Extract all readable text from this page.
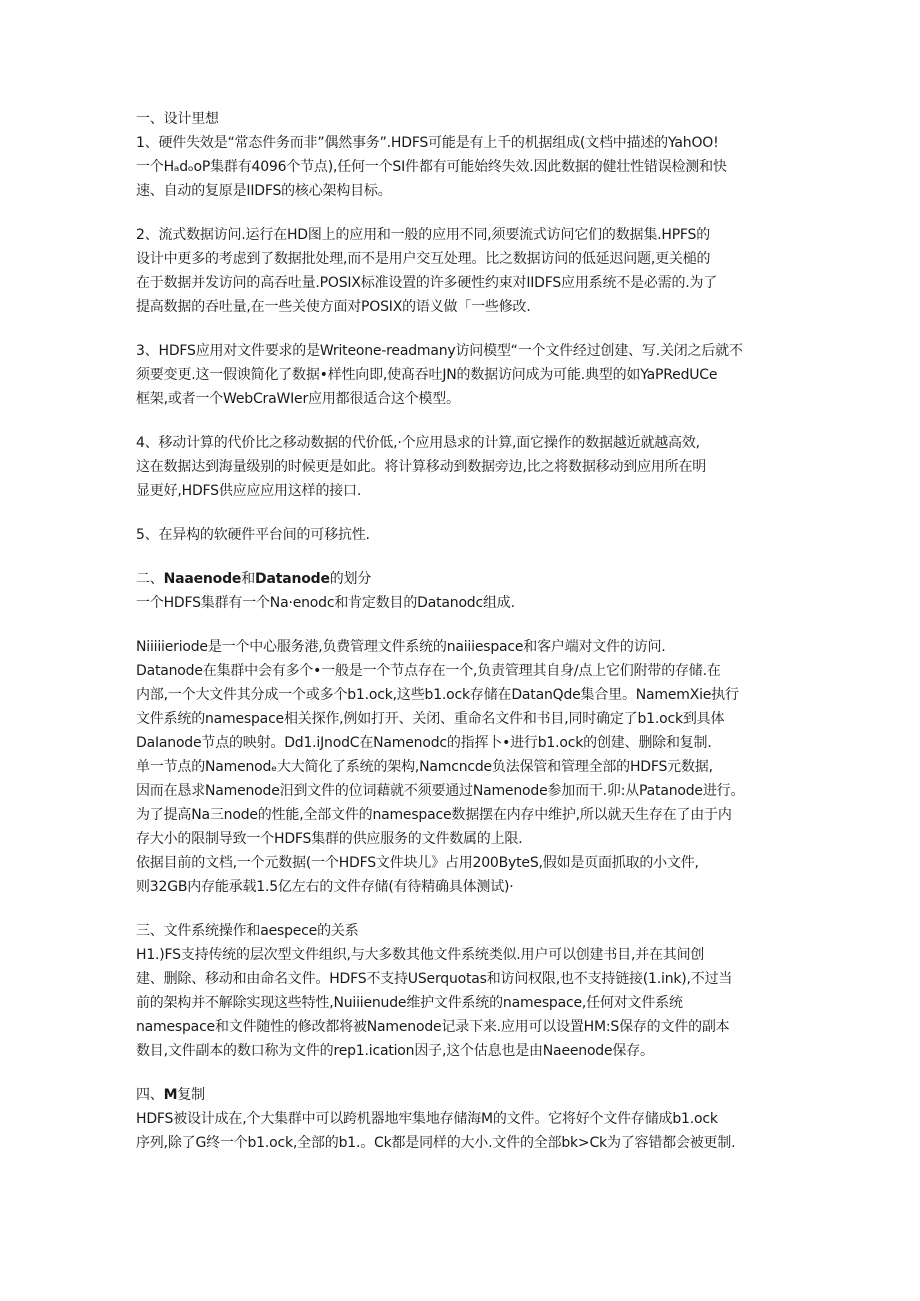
一、设计里想
1、硬件失效是“常态件务而非”偶然事务”.HDFS可能是有上千的机据组成(文档中描述的YahOO!
一个HₐdₒoP集群有4096个节点),任何一个SI件都有可能始终失效.因此数据的健壮性错误检测和快
速、自动的复原是IIDFS的核心架构目标。
2、流式数据访问.运行在HD图上的应用和一般的应用不同,须要流式访问它们的数据集.HPFS的
设计中更多的考虑到了数据批处理,而不是用户交互处理。比之数据访问的低延迟问题,更关槌的
在于数据并发访问的高吞吐量.POSIX标准设置的许多硬性约束对IIDFS应用系统不是必需的.为了
提高数据的吞吐量,在一些关使方面对POSIX的语义做「一些修改.
3、HDFS应用对文件要求的是Writeone-readmany访问模型“一个文件经过创建、写.关闭之后就不
须要变更.这一假谀简化了数据•样性向即,使髙吞吐JN的数据访问成为可能.典型的如YaPRedUCe
框架,或者一个WebCraWIer应用都很适合这个模型。
4、移动计算的代价比之移动数据的代价低,·个应用恳求的计算,面它操作的数据越近就越高效,
这在数据达到海量级别的时候更是如此。将计算移动到数据旁边,比之将数据移动到应用所在明
显更好,HDFS供应应应用这样的接口.
5、在异构的软硬件平台间的可移抗性.
二、Naaenode和Datanode的划分
一个HDFS集群有一个Na·enodc和肯定数目的Datanodc组成.
Niiiiieriode是一个中心服务港,负费管理文件系统的naiiiespace和客户端对文件的访问.
Datanode在集群中会有多个•一般是一个节点存在一个,负责管理其自身/点上它们附带的存储.在
内部,一个大文件其分成一个或多个b1.ock,这些b1.ock存储在DatanQde集合里。NamemXie执行
文件系统的namespace相关探作,例如打开、关闭、重命名文件和书目,同时确定了b1.ock到具体
DaIanode节点的映射。Dd1.iJnodC在Namenodc的指挥卜•进行b1.ock的创建、删除和复制.
单一节点的Namenodₑ大大简化了系统的架构,Namcncde负法保管和管理全部的HDFS元数据,
因而在恳求Namenode汨到文件的位词藉就不须要通过Namenode参加而干.卯:从Patanode进行。
为了提高Na三node的性能,全部文件的namespace数据摆在内存中维护,所以就天生存在了由于内
存大小的限制导致一个HDFS集群的供应服务的文件数属的上限.
依据目前的文档,一个元数据(一个HDFS文件块儿》占用200ByteS,假如是页面抓取的小文件,
则32GB内存能承载1.5亿左右的文件存储(有待精确具体测试)·
三、文件系统操作和aespece的关系
H1.)FS支持传统的层次型文件组织,与大多数其他文件系统类似.用户可以创建书目,并在其间创
建、删除、移动和由命名文件。HDFS不支持USerquotas和访问权限,也不支持链接(1.ink),不过当
前的架构并不解除实现这些特性,Nuiiienude维护文件系统的namespace,任何对文件系统
namespace和文件随性的修改都将被Namenode记录下来.应用可以设置HM:S保存的文件的副本
数目,文件副本的数口称为文件的rep1.ication因子,这个估息也是由Naeenode保存。
四、M复制
HDFS被设计成在,个大集群中可以跨机器地牢集地存储海M的文件。它将好个文件存储成b1.ock
序列,除了G终一个b1.ock,全部的b1.。Ck都是同样的大小.文件的全部bk>Ck为了容错都会被更制.
